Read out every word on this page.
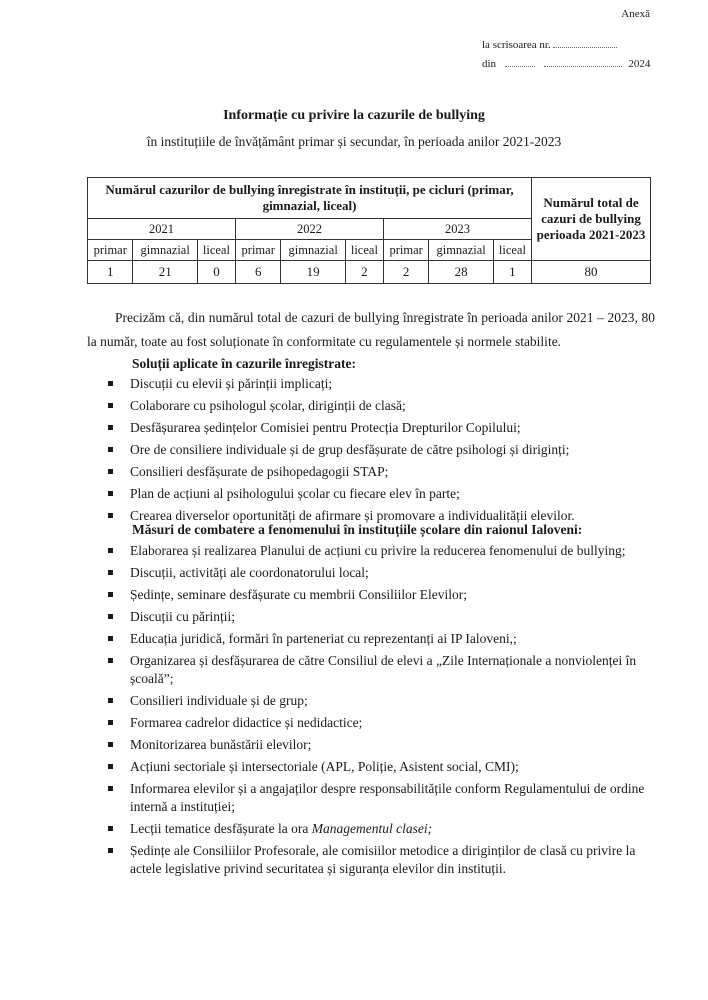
Anexă
la scrisoarea nr.
din	2024
Informație cu privire la cazurile de bullying
în instituțiile de învățământ primar și secundar, în perioada anilor 2021-2023
Numărul cazurilor de bullying înregistrate în instituții, pe cicluri (primar, gimnazial, liceal)									Numărul total de cazuri de bullying perioada 2021-2023
2021			2022			2023			
primar	gimnazial	liceal	primar	gimnazial	liceal	primar	gimnazial	liceal	
1	21	0	6	19	2	2	28	1	80
Precizăm că, din numărul total de cazuri de bullying înregistrate în perioada anilor 2021 – 2023, 80 la număr, toate au fost soluționate în conformitate cu regulamentele și normele stabilite.
Soluții aplicate în cazurile înregistrate:
Discuții cu elevii și părinții implicați;
Colaborare cu psihologul școlar, diriginții de clasă;
Desfășurarea ședințelor Comisiei pentru Protecția Drepturilor Copilului;
Ore de consiliere individuale și de grup desfășurate de către psihologi și diriginți;
Consilieri desfășurate de psihopedagogii STAP;
Plan de acțiuni al psihologului școlar cu fiecare elev în parte;
Crearea diverselor oportunități de afirmare și promovare a individualității elevilor.
Măsuri de combatere a fenomenului în instituțiile școlare din raionul Ialoveni:
Elaborarea și realizarea Planului de acțiuni cu privire la reducerea fenomenului de bullying;
Discuții, activități ale coordonatorului local;
Ședințe, seminare desfășurate cu membrii Consiliilor Elevilor;
Discuții cu părinții;
Educația juridică, formări în parteneriat cu reprezentanți ai IP Ialoveni,;
Organizarea și desfășurarea de către Consiliul de elevi a „Zile Internaționale a nonviolenței în școală”;
Consilieri individuale și de grup;
Formarea cadrelor didactice și nedidactice;
Monitorizarea bunăstării elevilor;
Acțiuni sectoriale și intersectoriale (APL, Poliție, Asistent social, CMI);
Informarea elevilor și a angajaților despre responsabilitățile conform Regulamentului de ordine internă a instituției;
Lecții tematice desfășurate la ora Managementul clasei;
Ședințe ale Consiliilor Profesorale, ale comisiilor metodice a diriginților de clasă cu privire la actele legislative privind securitatea și siguranța elevilor din instituții.
